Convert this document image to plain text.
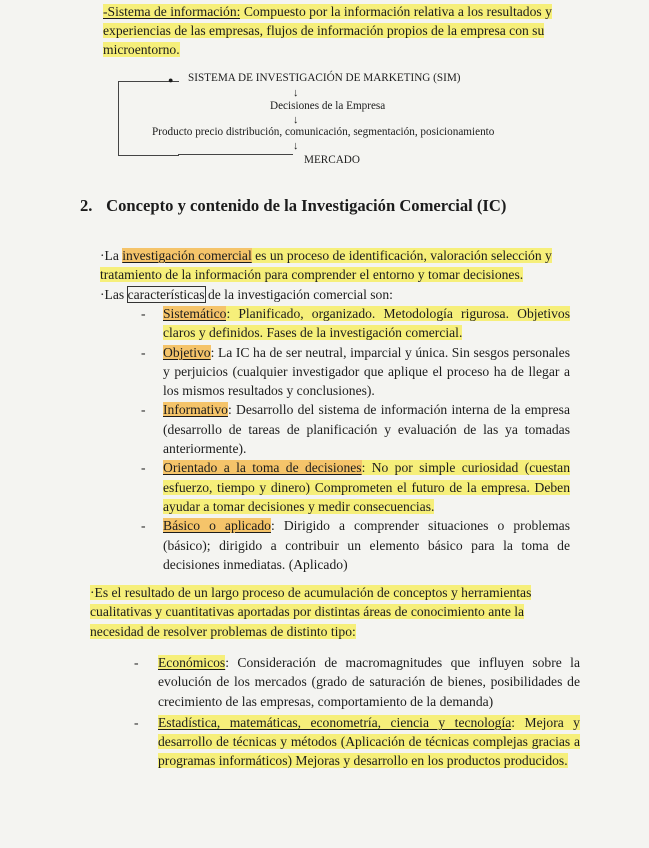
-Sistema de información: Compuesto por la información relativa a los resultados y experiencias de las empresas, flujos de información propios de la empresa con su microentorno.
● SISTEMA DE INVESTIGACIÓN DE MARKETING (SIM)
↓
Decisiones de la Empresa
↓
Producto precio distribución, comunicación, segmentación, posicionamiento
↓
MERCADO
2. Concepto y contenido de la Investigación Comercial (IC)
·La investigación comercial es un proceso de identificación, valoración selección y tratamiento de la información para comprender el entorno y tomar decisiones.
·Las características de la investigación comercial son:
- Sistemático: Planificado, organizado. Metodología rigurosa. Objetivos claros y definidos. Fases de la investigación comercial.
- Objetivo: La IC ha de ser neutral, imparcial y única. Sin sesgos personales y perjuicios (cualquier investigador que aplique el proceso ha de llegar a los mismos resultados y conclusiones).
- Informativo: Desarrollo del sistema de información interna de la empresa (desarrollo de tareas de planificación y evaluación de las ya tomadas anteriormente).
- Orientado a la toma de decisiones: No por simple curiosidad (cuestan esfuerzo, tiempo y dinero) Comprometen el futuro de la empresa. Deben ayudar a tomar decisiones y medir consecuencias.
- Básico o aplicado: Dirigido a comprender situaciones o problemas (básico); dirigido a contribuir un elemento básico para la toma de decisiones inmediatas. (Aplicado)
·Es el resultado de un largo proceso de acumulación de conceptos y herramientas cualitativas y cuantitativas aportadas por distintas áreas de conocimiento ante la necesidad de resolver problemas de distinto tipo:
- Económicos: Consideración de macromagnitudes que influyen sobre la evolución de los mercados (grado de saturación de bienes, posibilidades de crecimiento de las empresas, comportamiento de la demanda)
- Estadística, matemáticas, econometría, ciencia y tecnología: Mejora y desarrollo de técnicas y métodos (Aplicación de técnicas complejas gracias a programas informáticos) Mejoras y desarrollo en los productos producidos.
